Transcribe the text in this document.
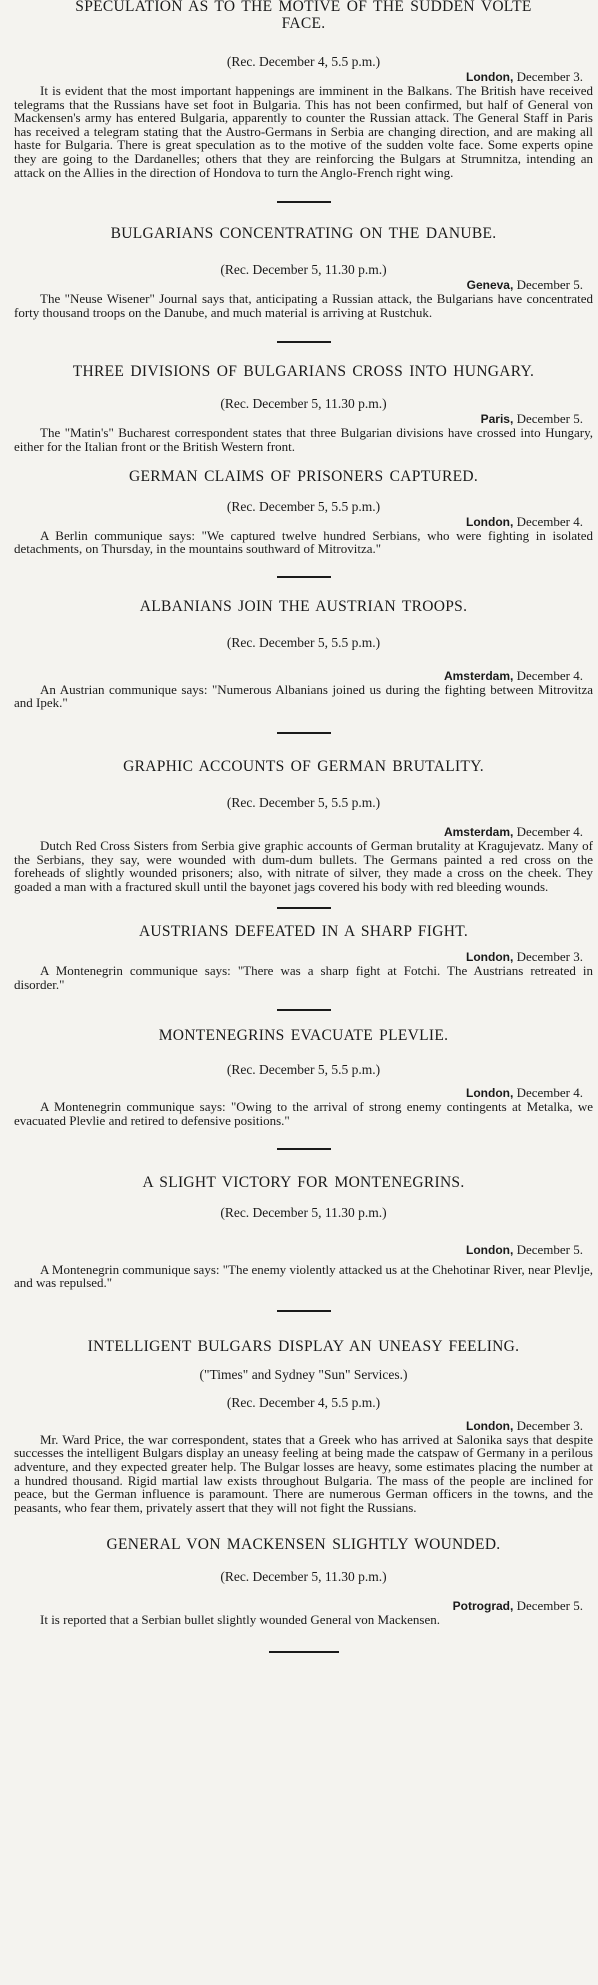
SPECULATION AS TO THE MOTIVE OF THE SUDDEN VOLTE FACE.

(Rec. December 4, 5.5 p.m.)

London, December 3.

It is evident that the most important happenings are imminent in the Balkans. The British have received telegrams that the Russians have set foot in Bulgaria. This has not been confirmed, but half of General von Mackensen's army has entered Bulgaria, apparently to counter the Russian attack. The General Staff in Paris has received a telegram stating that the Austro-Germans in Serbia are changing direction, and are making all haste for Bulgaria. There is great speculation as to the motive of the sudden volte face. Some experts opine they are going to the Dardanelles; others that they are reinforcing the Bulgars at Strumnitza, intending an attack on the Allies in the direction of Hondova to turn the Anglo-French right wing.

BULGARIANS CONCENTRATING ON THE DANUBE.

(Rec. December 5, 11.30 p.m.)

Geneva, December 5.

The "Neuse Wisener" Journal says that, anticipating a Russian attack, the Bulgarians have concentrated forty thousand troops on the Danube, and much material is arriving at Rustchuk.

THREE DIVISIONS OF BULGARIANS CROSS INTO HUNGARY.

(Rec. December 5, 11.30 p.m.)

Paris, December 5.

The "Matin's" Bucharest correspondent states that three Bulgarian divisions have crossed into Hungary, either for the Italian front or the British Western front.

GERMAN CLAIMS OF PRISONERS CAPTURED.

(Rec. December 5, 5.5 p.m.)

London, December 4.

A Berlin communique says: "We captured twelve hundred Serbians, who were fighting in isolated detachments, on Thursday, in the mountains southward of Mitrovitza."

ALBANIANS JOIN THE AUSTRIAN TROOPS.

(Rec. December 5, 5.5 p.m.)

Amsterdam, December 4.

An Austrian communique says: "Numerous Albanians joined us during the fighting between Mitrovitza and Ipek."

GRAPHIC ACCOUNTS OF GERMAN BRUTALITY.

(Rec. December 5, 5.5 p.m.)

Amsterdam, December 4.

Dutch Red Cross Sisters from Serbia give graphic accounts of German brutality at Kragujevatz. Many of the Serbians, they say, were wounded with dum-dum bullets. The Germans painted a red cross on the foreheads of slightly wounded prisoners; also, with nitrate of silver, they made a cross on the cheek. They goaded a man with a fractured skull until the bayonet jags covered his body with red bleeding wounds.

AUSTRIANS DEFEATED IN A SHARP FIGHT.

London, December 3.

A Montenegrin communique says: "There was a sharp fight at Fotchi. The Austrians retreated in disorder."

MONTENEGRINS EVACUATE PLEVLIE.

(Rec. December 5, 5.5 p.m.)

London, December 4.

A Montenegrin communique says: "Owing to the arrival of strong enemy contingents at Metalka, we evacuated Plevlie and retired to defensive positions."

A SLIGHT VICTORY FOR MONTENEGRINS.

(Rec. December 5, 11.30 p.m.)

London, December 5.

A Montenegrin communique says: "The enemy violently attacked us at the Chehotinar River, near Plevlje, and was repulsed."

INTELLIGENT BULGARS DISPLAY AN UNEASY FEELING.

("Times" and Sydney "Sun" Services.)

(Rec. December 4, 5.5 p.m.)

London, December 3.

Mr. Ward Price, the war correspondent, states that a Greek who has arrived at Salonika says that despite successes the intelligent Bulgars display an uneasy feeling at being made the catspaw of Germany in a perilous adventure, and they expected greater help. The Bulgar losses are heavy, some estimates placing the number at a hundred thousand. Rigid martial law exists throughout Bulgaria. The mass of the people are inclined for peace, but the German influence is paramount. There are numerous German officers in the towns, and the peasants, who fear them, privately assert that they will not fight the Russians.

GENERAL VON MACKENSEN SLIGHTLY WOUNDED.

(Rec. December 5, 11.30 p.m.)

Potrograd, December 5.

It is reported that a Serbian bullet slightly wounded General von Mackensen.
